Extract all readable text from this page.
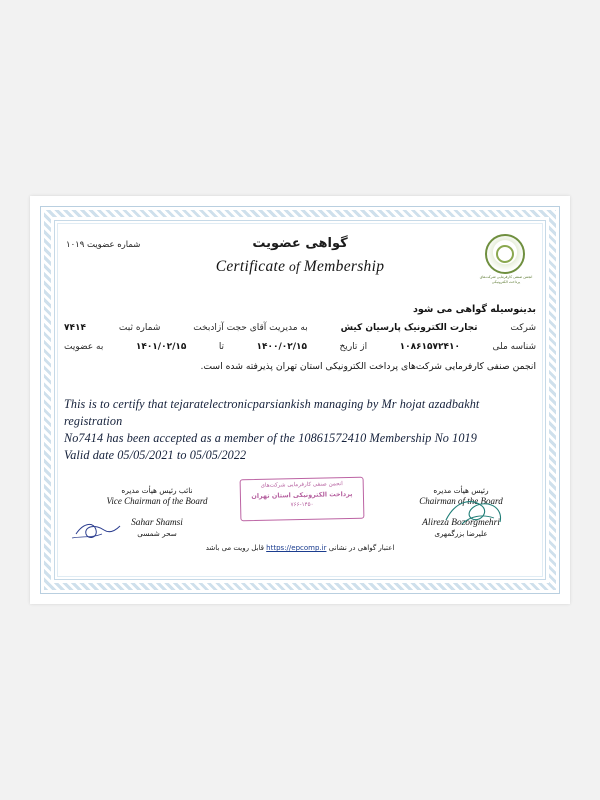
انجمن صنفی کارفرمایی شرکت‌های پرداخت الکترونیکی
شماره عضویت ۱۰۱۹	گواهی عضویت
Certificate of Membership
بدینوسیله گواهی می شود
شرکت
تجارت الکترونیک پارسیان کیش
به مدیریت آقای حجت آزادبخت
شماره ثبت
۷۴۱۴
شناسه ملی
۱۰۸۶۱۵۷۲۴۱۰
از تاریخ
۱۴۰۰/۰۲/۱۵
تا
۱۴۰۱/۰۲/۱۵
به عضویت
انجمن صنفی کارفرمایی شرکت‌های پرداخت الکترونیکی استان تهران پذیرفته شده است.
This is to certify that tejaratelectronicparsiankish managing by Mr hojat azadbakht registration
No7414 has been accepted as a member of the 10861572410 Membership No 1019
Valid date 05/05/2021 to 05/05/2022
انجمن صنفی کارفرمایی شرکت‌های
پرداخت الکترونیکی استان تهران
۷۶۶-۱۴۵۰
رئیس هیأت مدیره
Chairman of the Board
Alireza Bozorgmehri
علیرضا بزرگمهری
نائب رئیس هیأت مدیره
Vice Chairman of the Board
Sahar Shamsi
سحر شمسی
اعتبار گواهی در نشانی https://epcomp.ir قابل رویت می باشد
